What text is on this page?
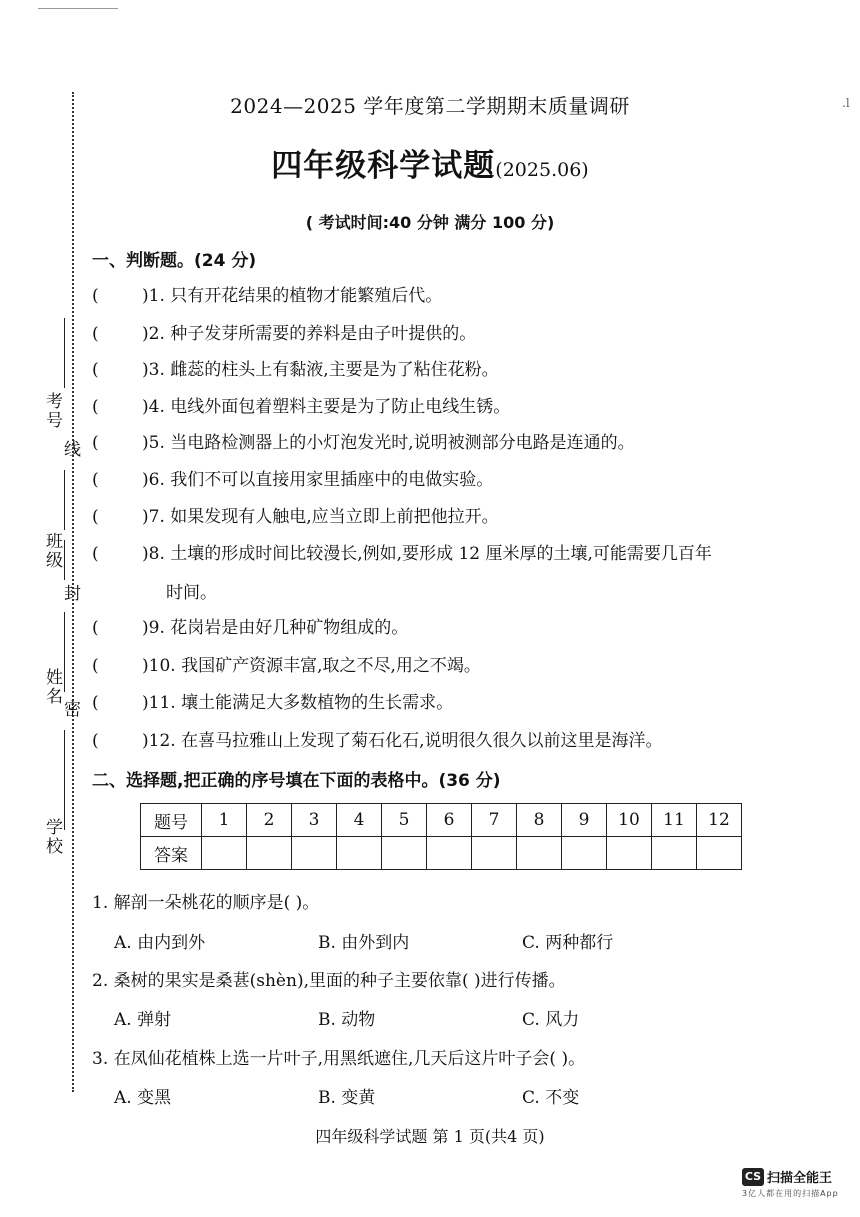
考号
线
班级
封
姓名
密
学校
.l
2024—2025 学年度第二学期期末质量调研
四年级科学试题(2025.06)
( 考试时间:40 分钟 满分 100 分)
一、判断题。(24 分)
(	)1. 只有开花结果的植物才能繁殖后代。
(	)2. 种子发芽所需要的养料是由子叶提供的。
(	)3. 雌蕊的柱头上有黏液,主要是为了粘住花粉。
(	)4. 电线外面包着塑料主要是为了防止电线生锈。
(	)5. 当电路检测器上的小灯泡发光时,说明被测部分电路是连通的。
(	)6. 我们不可以直接用家里插座中的电做实验。
(	)7. 如果发现有人触电,应当立即上前把他拉开。
(	)8. 土壤的形成时间比较漫长,例如,要形成 12 厘米厚的土壤,可能需要几百年
时间。
(	)9. 花岗岩是由好几种矿物组成的。
(	)10. 我国矿产资源丰富,取之不尽,用之不竭。
(	)11. 壤土能满足大多数植物的生长需求。
(	)12. 在喜马拉雅山上发现了菊石化石,说明很久很久以前这里是海洋。
二、选择题,把正确的序号填在下面的表格中。(36 分)
题号	1	2	3	4	5	6	7	8	9	10	11	12
答案												
1. 解剖一朵桃花的顺序是( )。
A. 由内到外	B. 由外到内	C. 两种都行
2. 桑树的果实是桑葚(shèn),里面的种子主要依靠( )进行传播。
A. 弹射	B. 动物	C. 风力
3. 在凤仙花植株上选一片叶子,用黑纸遮住,几天后这片叶子会( )。
A. 变黑	B. 变黄	C. 不变
四年级科学试题 第 1 页(共4 页)
CS 扫描全能王
3亿人都在用的扫描App
